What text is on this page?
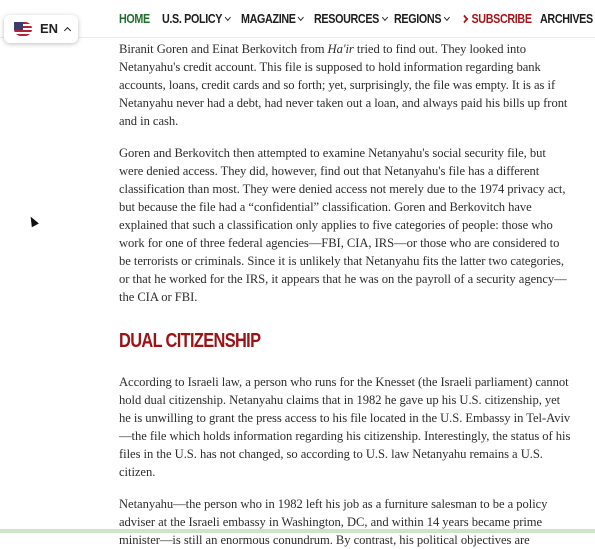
HOME U.S. POLICY	MAGAZINE	RESOURCES	REGIONS	SUBSCRIBE ARCHIVES
EN

Biranit Goren and Einat Berkovitch from Ha'ir tried to find out. They looked into Netanyahu's credit account. This file is supposed to hold information regarding bank accounts, loans, credit cards and so forth; yet, surprisingly, the file was empty. It is as if Netanyahu never had a debt, had never taken out a loan, and always paid his bills up front and in cash.

Goren and Berkovitch then attempted to examine Netanyahu's social security file, but were denied access. They did, however, find out that Netanyahu's file has a different classification than most. They were denied access not merely due to the 1974 privacy act, but because the file had a “confidential” classification. Goren and Berkovitch have explained that such a classification only applies to five categories of people: those who work for one of three federal agencies—FBI, CIA, IRS—or those who are considered to be terrorists or criminals. Since it is unlikely that Netanyahu fits the latter two categories, or that he worked for the IRS, it appears that he was on the payroll of a security agency—the CIA or FBI.

DUAL CITIZENSHIP

According to Israeli law, a person who runs for the Knesset (the Israeli parliament) cannot hold dual citizenship. Netanyahu claims that in 1982 he gave up his U.S. citizenship, yet he is unwilling to grant the press access to his file located in the U.S. Embassy in Tel-Aviv—the file which holds information regarding his citizenship. Interestingly, the status of his files in the U.S. has not changed, so according to U.S. law Netanyahu remains a U.S. citizen.

Netanyahu—the person who in 1982 left his job as a furniture salesman to be a policy adviser at the Israeli embassy in Washington, DC, and within 14 years became prime minister—is still an enormous conundrum. By contrast, his political objectives are
